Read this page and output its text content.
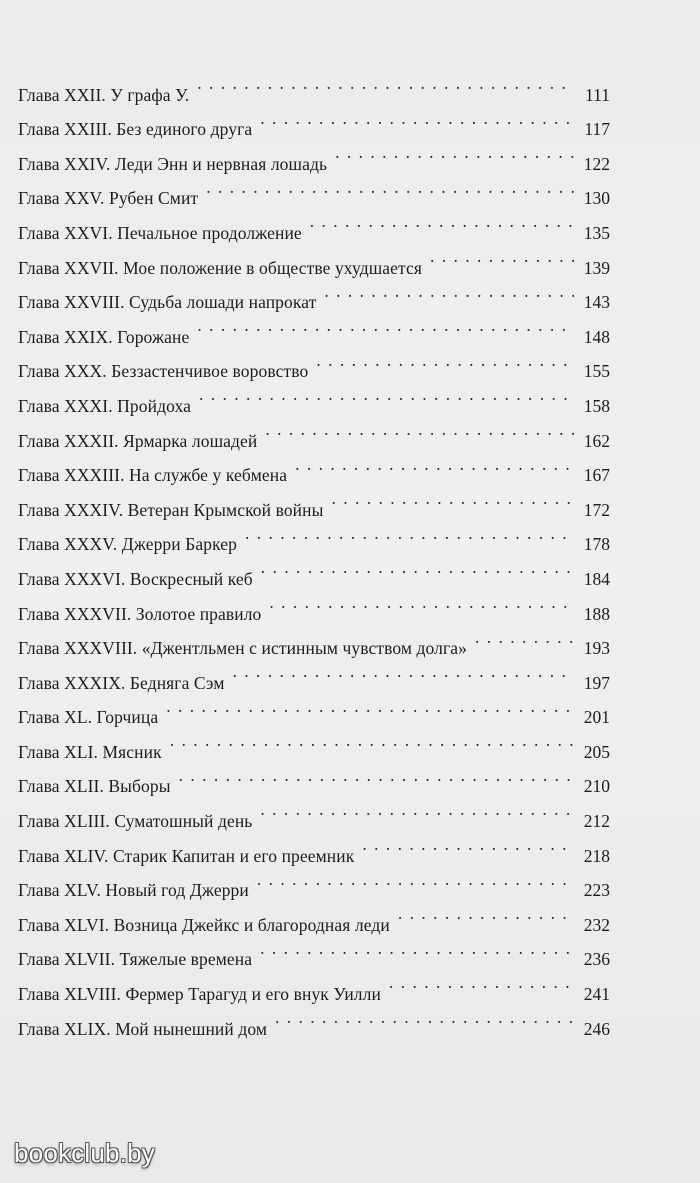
Глава XXII. У графа У. . . .	111
Глава XXIII. Без единого друга . . .	117
Глава XXIV. Леди Энн и нервная лошадь . . .	122
Глава XXV. Рубен Смит . . .	130
Глава XXVI. Печальное продолжение . . .	135
Глава XXVII. Мое положение в обществе ухудшается . . .	139
Глава XXVIII. Судьба лошади напрокат . . .	143
Глава XXIX. Горожане . . .	148
Глава XXX. Беззастенчивое воровство . . .	155
Глава XXXI. Пройдоха . . .	158
Глава XXXII. Ярмарка лошадей . . .	162
Глава XXXIII. На службе у кебмена . . .	167
Глава XXXIV. Ветеран Крымской войны . . .	172
Глава XXXV. Джерри Баркер . . .	178
Глава XXXVI. Воскресный кеб . . .	184
Глава XXXVII. Золотое правило . . .	188
Глава XXXVIII. «Джентльмен с истинным чувством долга» . . .	193
Глава XXXIX. Бедняга Сэм . . .	197
Глава XL. Горчица . . .	201
Глава XLI. Мясник . . .	205
Глава XLII. Выборы . . .	210
Глава XLIII. Суматошный день . . .	212
Глава XLIV. Старик Капитан и его преемник . . .	218
Глава XLV. Новый год Джерри . . .	223
Глава XLVI. Возница Джейкс и благородная леди . . .	232
Глава XLVII. Тяжелые времена . . .	236
Глава XLVIII. Фермер Тарагуд и его внук Уилли . . .	241
Глава XLIX. Мой нынешний дом . . .	246
bookclub.by
